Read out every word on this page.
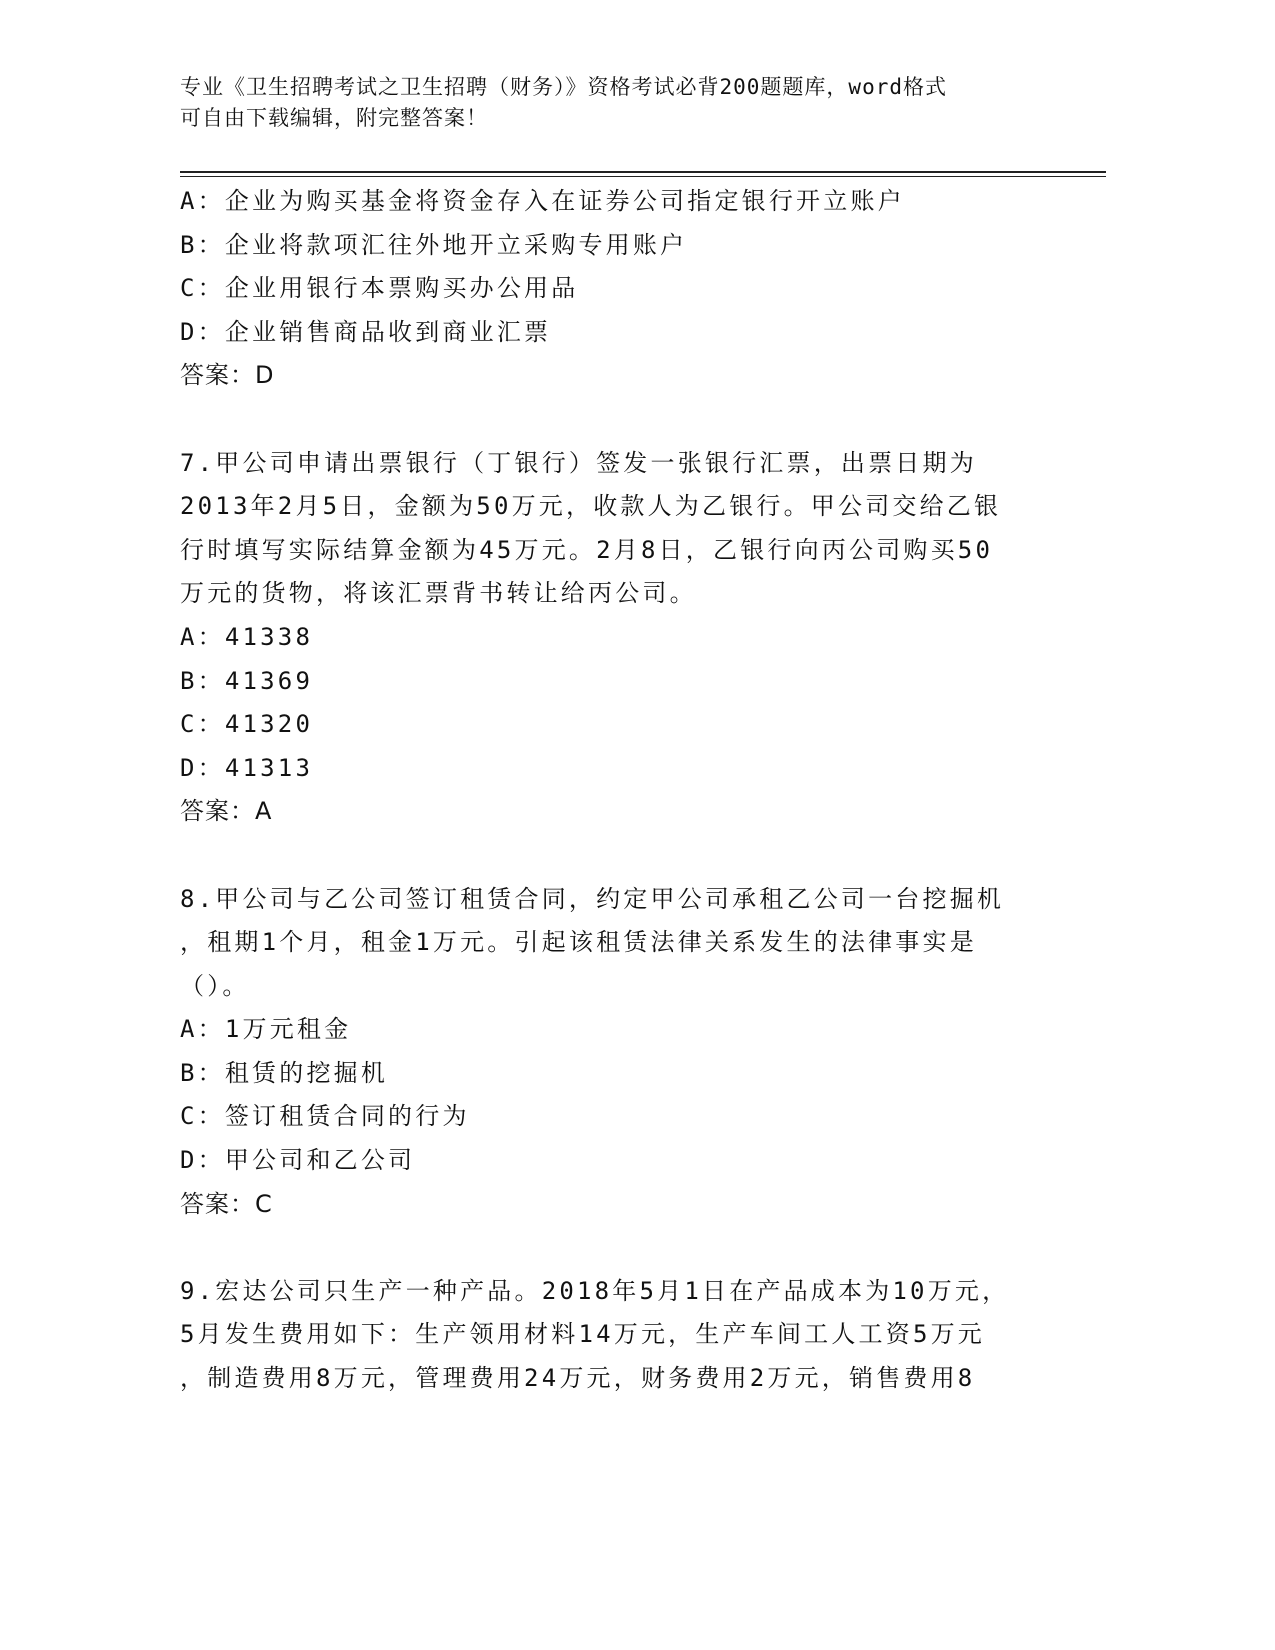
专业《卫生招聘考试之卫生招聘（财务）》资格考试必背200题题库，word格式
可自由下载编辑，附完整答案！
A：企业为购买基金将资金存入在证券公司指定银行开立账户
B：企业将款项汇往外地开立采购专用账户
C：企业用银行本票购买办公用品
D：企业销售商品收到商业汇票
答案：D
7.甲公司申请出票银行（丁银行）签发一张银行汇票，出票日期为
2013年2月5日，金额为50万元，收款人为乙银行。甲公司交给乙银
行时填写实际结算金额为45万元。2月8日，乙银行向丙公司购买50
万元的货物，将该汇票背书转让给丙公司。
A：41338
B：41369
C：41320
D：41313
答案：A
8.甲公司与乙公司签订租赁合同，约定甲公司承租乙公司一台挖掘机
，租期1个月，租金1万元。引起该租赁法律关系发生的法律事实是
（）。
A：1万元租金
B：租赁的挖掘机
C：签订租赁合同的行为
D：甲公司和乙公司
答案：C
9.宏达公司只生产一种产品。2018年5月1日在产品成本为10万元，
5月发生费用如下：生产领用材料14万元，生产车间工人工资5万元
，制造费用8万元，管理费用24万元，财务费用2万元，销售费用8
